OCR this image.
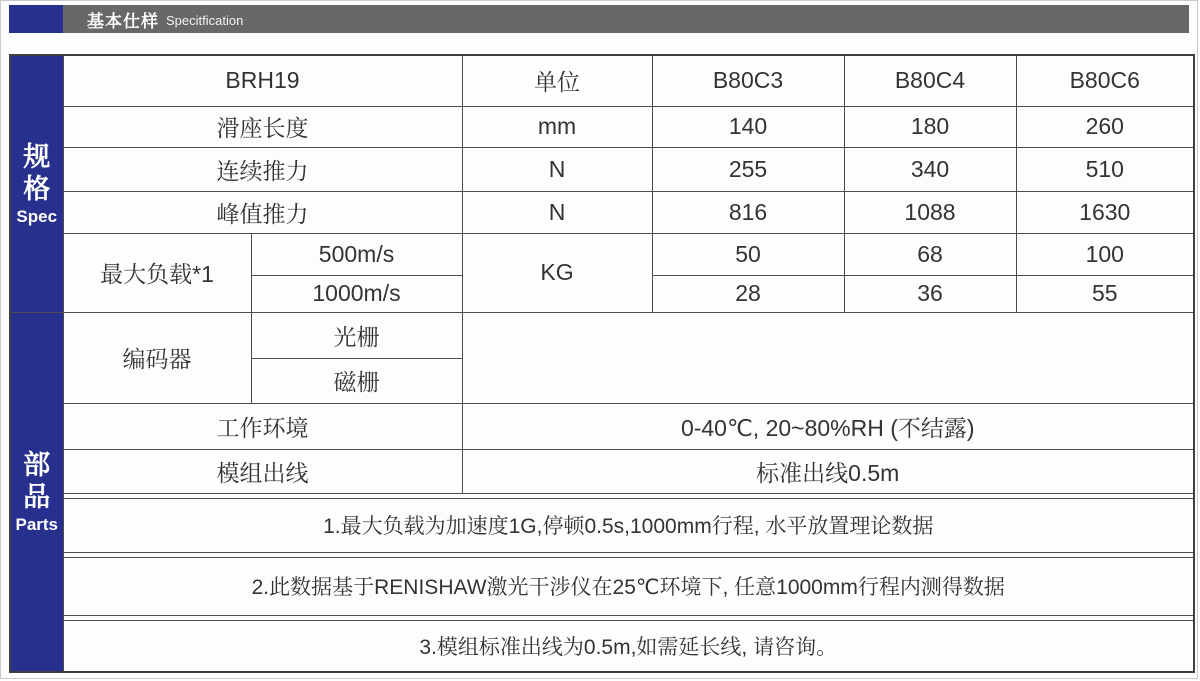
基本仕样 Specitfication
规格
Spec	BRH19		单位	B80C3	B80C4	B80C6
	滑座长度		mm	140	180	260
	连续推力		N	255	340	510
	峰值推力		N	816	1088	1630
	最大负载*1	500m/s	KG	50	68	100
		1000m/s		28	36	55

部品
Parts	编码器	光栅				
		磁栅				
	工作环境		0-40℃, 20~80%RH (不结露)			
	模组出线		标准出线0.5m			

	1.最大负载为加速度1G,停顿0.5s,1000mm行程, 水平放置理论数据					

	2.此数据基于RENISHAW激光干涉仪在25℃环境下, 任意1000mm行程内测得数据					

	3.模组标准出线为0.5m,如需延长线, 请咨询。					
